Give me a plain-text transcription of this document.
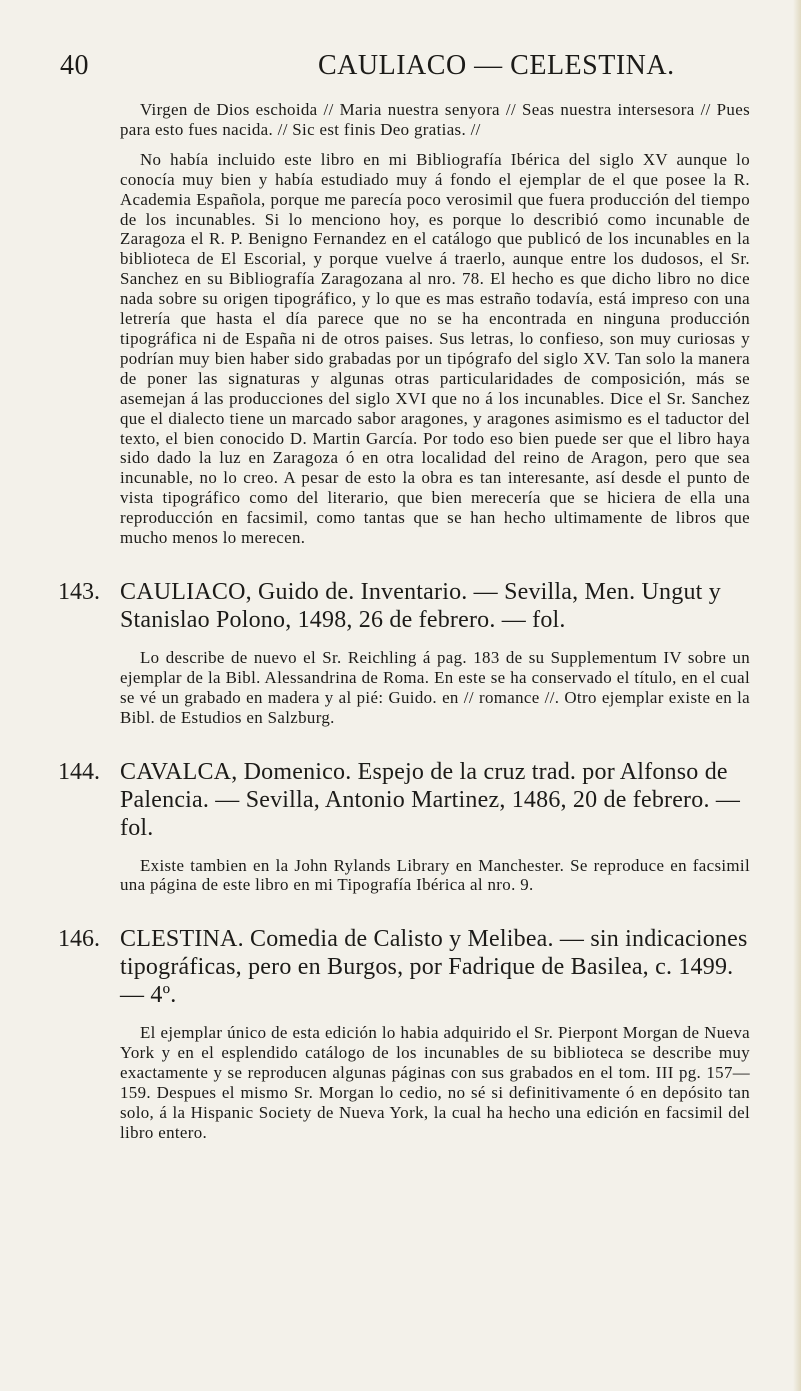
40	CAULIACO — CELESTINA.

Virgen de Dios eschoida // Maria nuestra senyora // Seas nuestra intersesora // Pues para esto fues nacida. // Sic est finis Deo gratias. //

No había incluido este libro en mi Bibliografía Ibérica del siglo XV aunque lo conocía muy bien y había estudiado muy á fondo el ejemplar de el que posee la R. Academia Española, porque me parecía poco verosimil que fuera producción del tiempo de los incunables. Si lo menciono hoy, es porque lo describió como incunable de Zaragoza el R. P. Benigno Fernandez en el catálogo que publicó de los incunables en la biblioteca de El Escorial, y porque vuelve á traerlo, aunque entre los dudosos, el Sr. Sanchez en su Bibliografía Zaragozana al nro. 78. El hecho es que dicho libro no dice nada sobre su origen tipográfico, y lo que es mas estraño todavía, está impreso con una letrería que hasta el día parece que no se ha encontrada en ninguna producción tipográfica ni de España ni de otros paises. Sus letras, lo confieso, son muy curiosas y podrían muy bien haber sido grabadas por un tipógrafo del siglo XV. Tan solo la manera de poner las signaturas y algunas otras particularidades de composición, más se asemejan á las producciones del siglo XVI que no á los incunables. Dice el Sr. Sanchez que el dialecto tiene un marcado sabor aragones, y aragones asimismo es el taductor del texto, el bien conocido D. Martin García. Por todo eso bien puede ser que el libro haya sido dado la luz en Zaragoza ó en otra localidad del reino de Aragon, pero que sea incunable, no lo creo. A pesar de esto la obra es tan interesante, así desde el punto de vista tipográfico como del literario, que bien merecería que se hiciera de ella una reproducción en facsimil, como tantas que se han hecho ultimamente de libros que mucho menos lo merecen.

143. CAULIACO, Guido de. Inventario. — Sevilla, Men. Ungut y Stanislao Polono, 1498, 26 de febrero. — fol.

Lo describe de nuevo el Sr. Reichling á pag. 183 de su Supplementum IV sobre un ejemplar de la Bibl. Alessandrina de Roma. En este se ha conservado el título, en el cual se vé un grabado en madera y al pié: Guido. en // romance //. Otro ejemplar existe en la Bibl. de Estudios en Salzburg.

144. CAVALCA, Domenico. Espejo de la cruz trad. por Alfonso de Palencia. — Sevilla, Antonio Martinez, 1486, 20 de febrero. — fol.

Existe tambien en la John Rylands Library en Manchester. Se reproduce en facsimil una página de este libro en mi Tipografía Ibérica al nro. 9.

146. CLESTINA. Comedia de Calisto y Melibea. — sin indicaciones tipográficas, pero en Burgos, por Fadrique de Basilea, c. 1499. — 4º.

El ejemplar único de esta edición lo habia adquirido el Sr. Pierpont Morgan de Nueva York y en el esplendido catálogo de los incunables de su biblioteca se describe muy exactamente y se reproducen algunas páginas con sus grabados en el tom. III pg. 157—159. Despues el mismo Sr. Morgan lo cedio, no sé si definitivamente ó en depósito tan solo, á la Hispanic Society de Nueva York, la cual ha hecho una edición en facsimil del libro entero.
